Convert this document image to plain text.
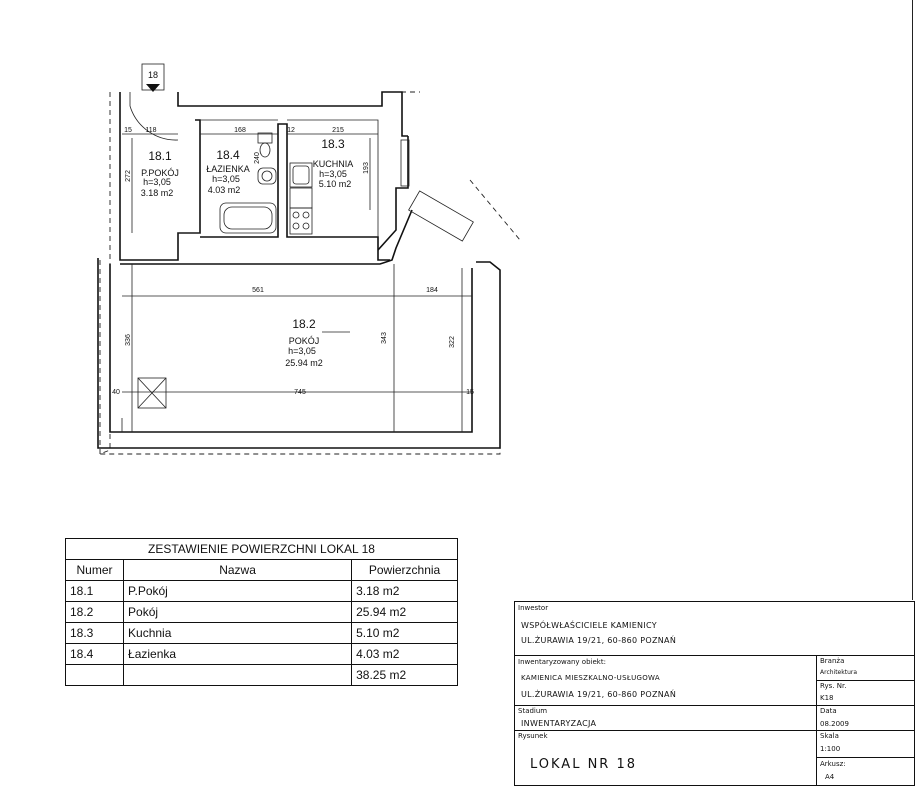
18
15 118	168	12	215
272
240
193
561	184
336	343	322
40	745	15
18.1
P.POKÓJ
h=3,05
3.18 m2
18.4
ŁAZIENKA
h=3,05
4.03 m2
18.3
KUCHNIA
h=3,05
5.10 m2
18.2
POKÓJ
h=3,05
25.94 m2
ZESTAWIENIE POWIERZCHNI LOKAL 18		
Numer	Nazwa	Powierzchnia
18.1	P.Pokój	3.18 m2
18.2	Pokój	25.94 m2
18.3	Kuchnia	5.10 m2
18.4	Łazienka	4.03 m2
		38.25 m2
Inwestor
WSPÓŁWŁAŚCICIELE KAMIENICY
UL.ŻURAWIA 19/21, 60-860 POZNAŃ
Inwentaryzowany obiekt:
KAMIENICA MIESZKALNO-USŁUGOWA
UL.ŻURAWIA 19/21, 60-860 POZNAŃ
Branża
Architektura
Rys. Nr.
K18
Stadium
INWENTARYZACJA
Data
08.2009
Rysunek
LOKAL NR 18
Skala
1:100
Arkusz:
A4
